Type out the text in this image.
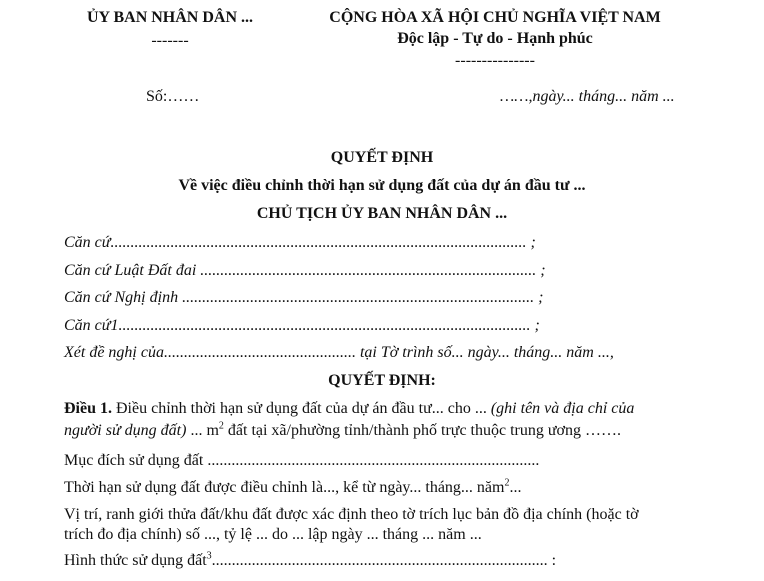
ỦY BAN NHÂN DÂN ...
-------
CỘNG HÒA XÃ HỘI CHỦ NGHĨA VIỆT NAM
Độc lập - Tự do - Hạnh phúc
---------------
Số:……	……,ngày... tháng... năm ...
QUYẾT ĐỊNH
Về việc điều chỉnh thời hạn sử dụng đất của dự án đầu tư ...
CHỦ TỊCH ỦY BAN NHÂN DÂN ...
Căn cứ........................................................................................................ ;
Căn cứ Luật Đất đai .................................................................................... ;
Căn cứ Nghị định ........................................................................................ ;
Căn cứ1....................................................................................................... ;
Xét đề nghị của................................................ tại Tờ trình số... ngày... tháng... năm ...,
QUYẾT ĐỊNH:
Điều 1. Điều chỉnh thời hạn sử dụng đất của dự án đầu tư... cho ... (ghi tên và địa chỉ của
người sử dụng đất) ... $m^2$ đất tại xã/phường tỉnh/thành phố trực thuộc trung ương …….
Mục đích sử dụng đất ...................................................................................
Thời hạn sử dụng đất được điều chỉnh là..., kể từ ngày... tháng... năm$^2$...
Vị trí, ranh giới thửa đất/khu đất được xác định theo tờ trích lục bản đồ địa chính (hoặc tờ
trích đo địa chính) số ..., tỷ lệ ... do ... lập ngày ... tháng ... năm ...
Hình thức sử dụng đất$^3$.................................................................................... :
